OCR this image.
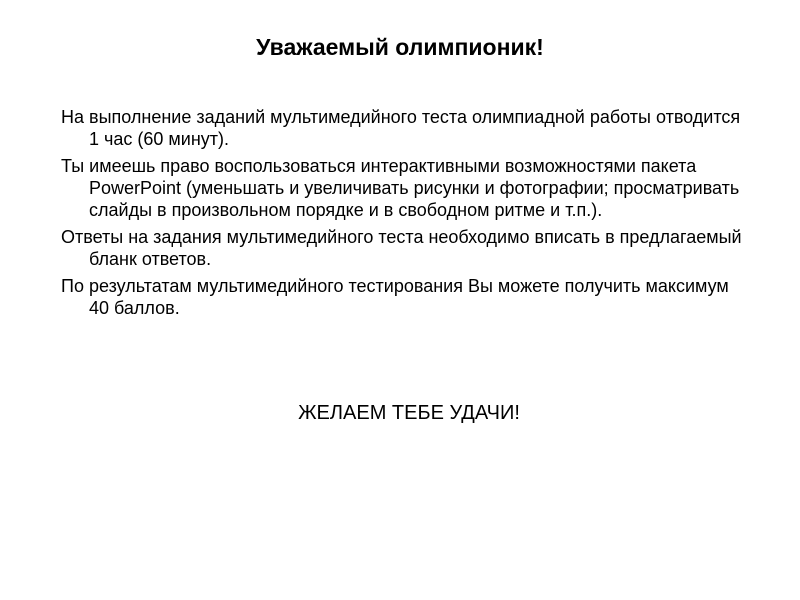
Уважаемый олимпионик!
На выполнение заданий мультимедийного теста олимпиадной работы отводится 1 час (60 минут).
Ты имеешь право воспользоваться интерактивными возможностями пакета PowerPoint (уменьшать и увеличивать рисунки и фотографии; просматривать слайды в произвольном порядке и в свободном ритме и т.п.).
Ответы на задания мультимедийного теста необходимо вписать в предлагаемый бланк ответов.
По результатам мультимедийного тестирования Вы можете получить максимум 40 баллов.
ЖЕЛАЕМ ТЕБЕ УДАЧИ!
